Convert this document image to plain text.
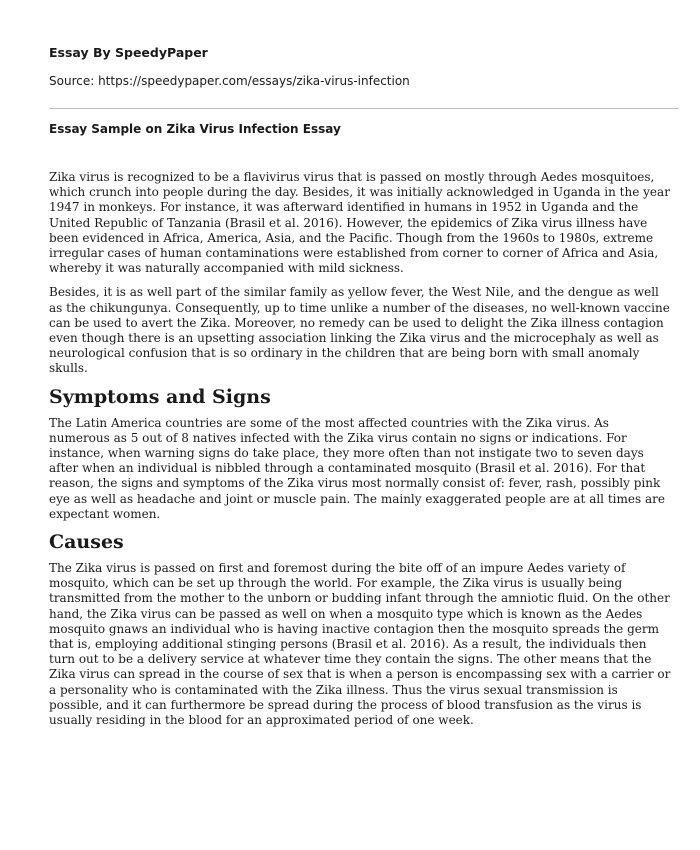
Essay By SpeedyPaper
Source: https://speedypaper.com/essays/zika-virus-infection
Essay Sample on Zika Virus Infection Essay

Zika virus is recognized to be a flavivirus virus that is passed on mostly through Aedes mosquitoes, which crunch into people during the day. Besides, it was initially acknowledged in Uganda in the year 1947 in monkeys. For instance, it was afterward identified in humans in 1952 in Uganda and the United Republic of Tanzania (Brasil et al. 2016). However, the epidemics of Zika virus illness have been evidenced in Africa, America, Asia, and the Pacific. Though from the 1960s to 1980s, extreme irregular cases of human contaminations were established from corner to corner of Africa and Asia, whereby it was naturally accompanied with mild sickness.

Besides, it is as well part of the similar family as yellow fever, the West Nile, and the dengue as well as the chikungunya. Consequently, up to time unlike a number of the diseases, no well-known vaccine can be used to avert the Zika. Moreover, no remedy can be used to delight the Zika illness contagion even though there is an upsetting association linking the Zika virus and the microcephaly as well as neurological confusion that is so ordinary in the children that are being born with small anomaly skulls.

Symptoms and Signs

The Latin America countries are some of the most affected countries with the Zika virus. As numerous as 5 out of 8 natives infected with the Zika virus contain no signs or indications. For instance, when warning signs do take place, they more often than not instigate two to seven days after when an individual is nibbled through a contaminated mosquito (Brasil et al. 2016). For that reason, the signs and symptoms of the Zika virus most normally consist of: fever, rash, possibly pink eye as well as headache and joint or muscle pain. The mainly exaggerated people are at all times are expectant women.

Causes

The Zika virus is passed on first and foremost during the bite off of an impure Aedes variety of mosquito, which can be set up through the world. For example, the Zika virus is usually being transmitted from the mother to the unborn or budding infant through the amniotic fluid. On the other hand, the Zika virus can be passed as well on when a mosquito type which is known as the Aedes mosquito gnaws an individual who is having inactive contagion then the mosquito spreads the germ that is, employing additional stinging persons (Brasil et al. 2016). As a result, the individuals then turn out to be a delivery service at whatever time they contain the signs. The other means that the Zika virus can spread in the course of sex that is when a person is encompassing sex with a carrier or a personality who is contaminated with the Zika illness. Thus the virus sexual transmission is possible, and it can furthermore be spread during the process of blood transfusion as the virus is usually residing in the blood for an approximated period of one week.
